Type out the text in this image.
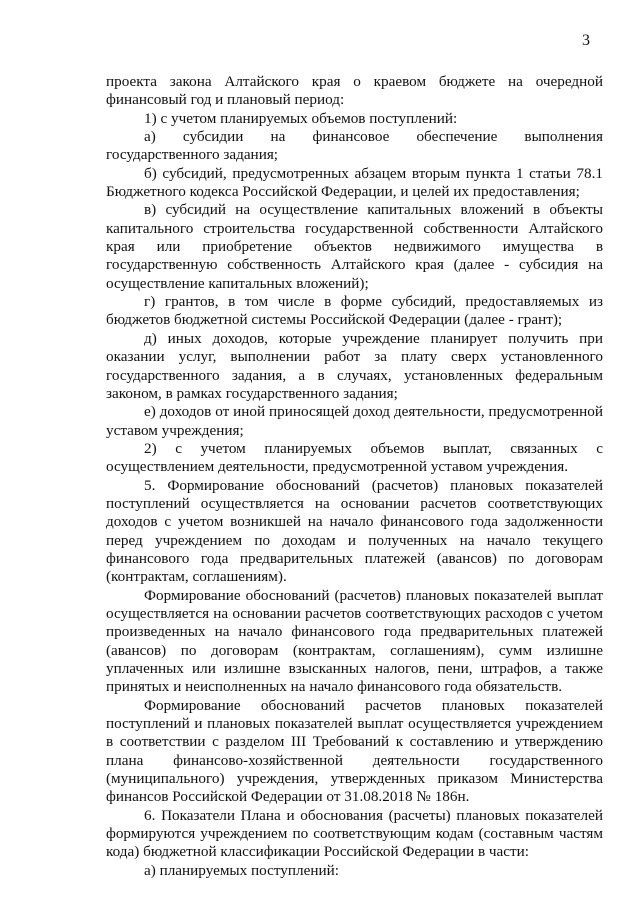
3

проекта закона Алтайского края о краевом бюджете на очередной финансовый год и плановый период:

1) с учетом планируемых объемов поступлений:

а) субсидии на финансовое обеспечение выполнения государственного задания;

б) субсидий, предусмотренных абзацем вторым пункта 1 статьи 78.1 Бюджетного кодекса Российской Федерации, и целей их предоставления;

в) субсидий на осуществление капитальных вложений в объекты капитального строительства государственной собственности Алтайского края или приобретение объектов недвижимого имущества в государственную собственность Алтайского края (далее - субсидия на осуществление капитальных вложений);

г) грантов, в том числе в форме субсидий, предоставляемых из бюджетов бюджетной системы Российской Федерации (далее - грант);

д) иных доходов, которые учреждение планирует получить при оказании услуг, выполнении работ за плату сверх установленного государственного задания, а в случаях, установленных федеральным законом, в рамках государственного задания;

е) доходов от иной приносящей доход деятельности, предусмотренной уставом учреждения;

2) с учетом планируемых объемов выплат, связанных с осуществлением деятельности, предусмотренной уставом учреждения.

5. Формирование обоснований (расчетов) плановых показателей поступлений осуществляется на основании расчетов соответствующих доходов с учетом возникшей на начало финансового года задолженности перед учреждением по доходам и полученных на начало текущего финансового года предварительных платежей (авансов) по договорам (контрактам, соглашениям).

Формирование обоснований (расчетов) плановых показателей выплат осуществляется на основании расчетов соответствующих расходов с учетом произведенных на начало финансового года предварительных платежей (авансов) по договорам (контрактам, соглашениям), сумм излишне уплаченных или излишне взысканных налогов, пени, штрафов, а также принятых и неисполненных на начало финансового года обязательств.

Формирование обоснований расчетов плановых показателей поступлений и плановых показателей выплат осуществляется учреждением в соответствии с разделом III Требований к составлению и утверждению плана финансово-хозяйственной деятельности государственного (муниципального) учреждения, утвержденных приказом Министерства финансов Российской Федерации от 31.08.2018 № 186н.

6. Показатели Плана и обоснования (расчеты) плановых показателей формируются учреждением по соответствующим кодам (составным частям кода) бюджетной классификации Российской Федерации в части:

а) планируемых поступлений:
